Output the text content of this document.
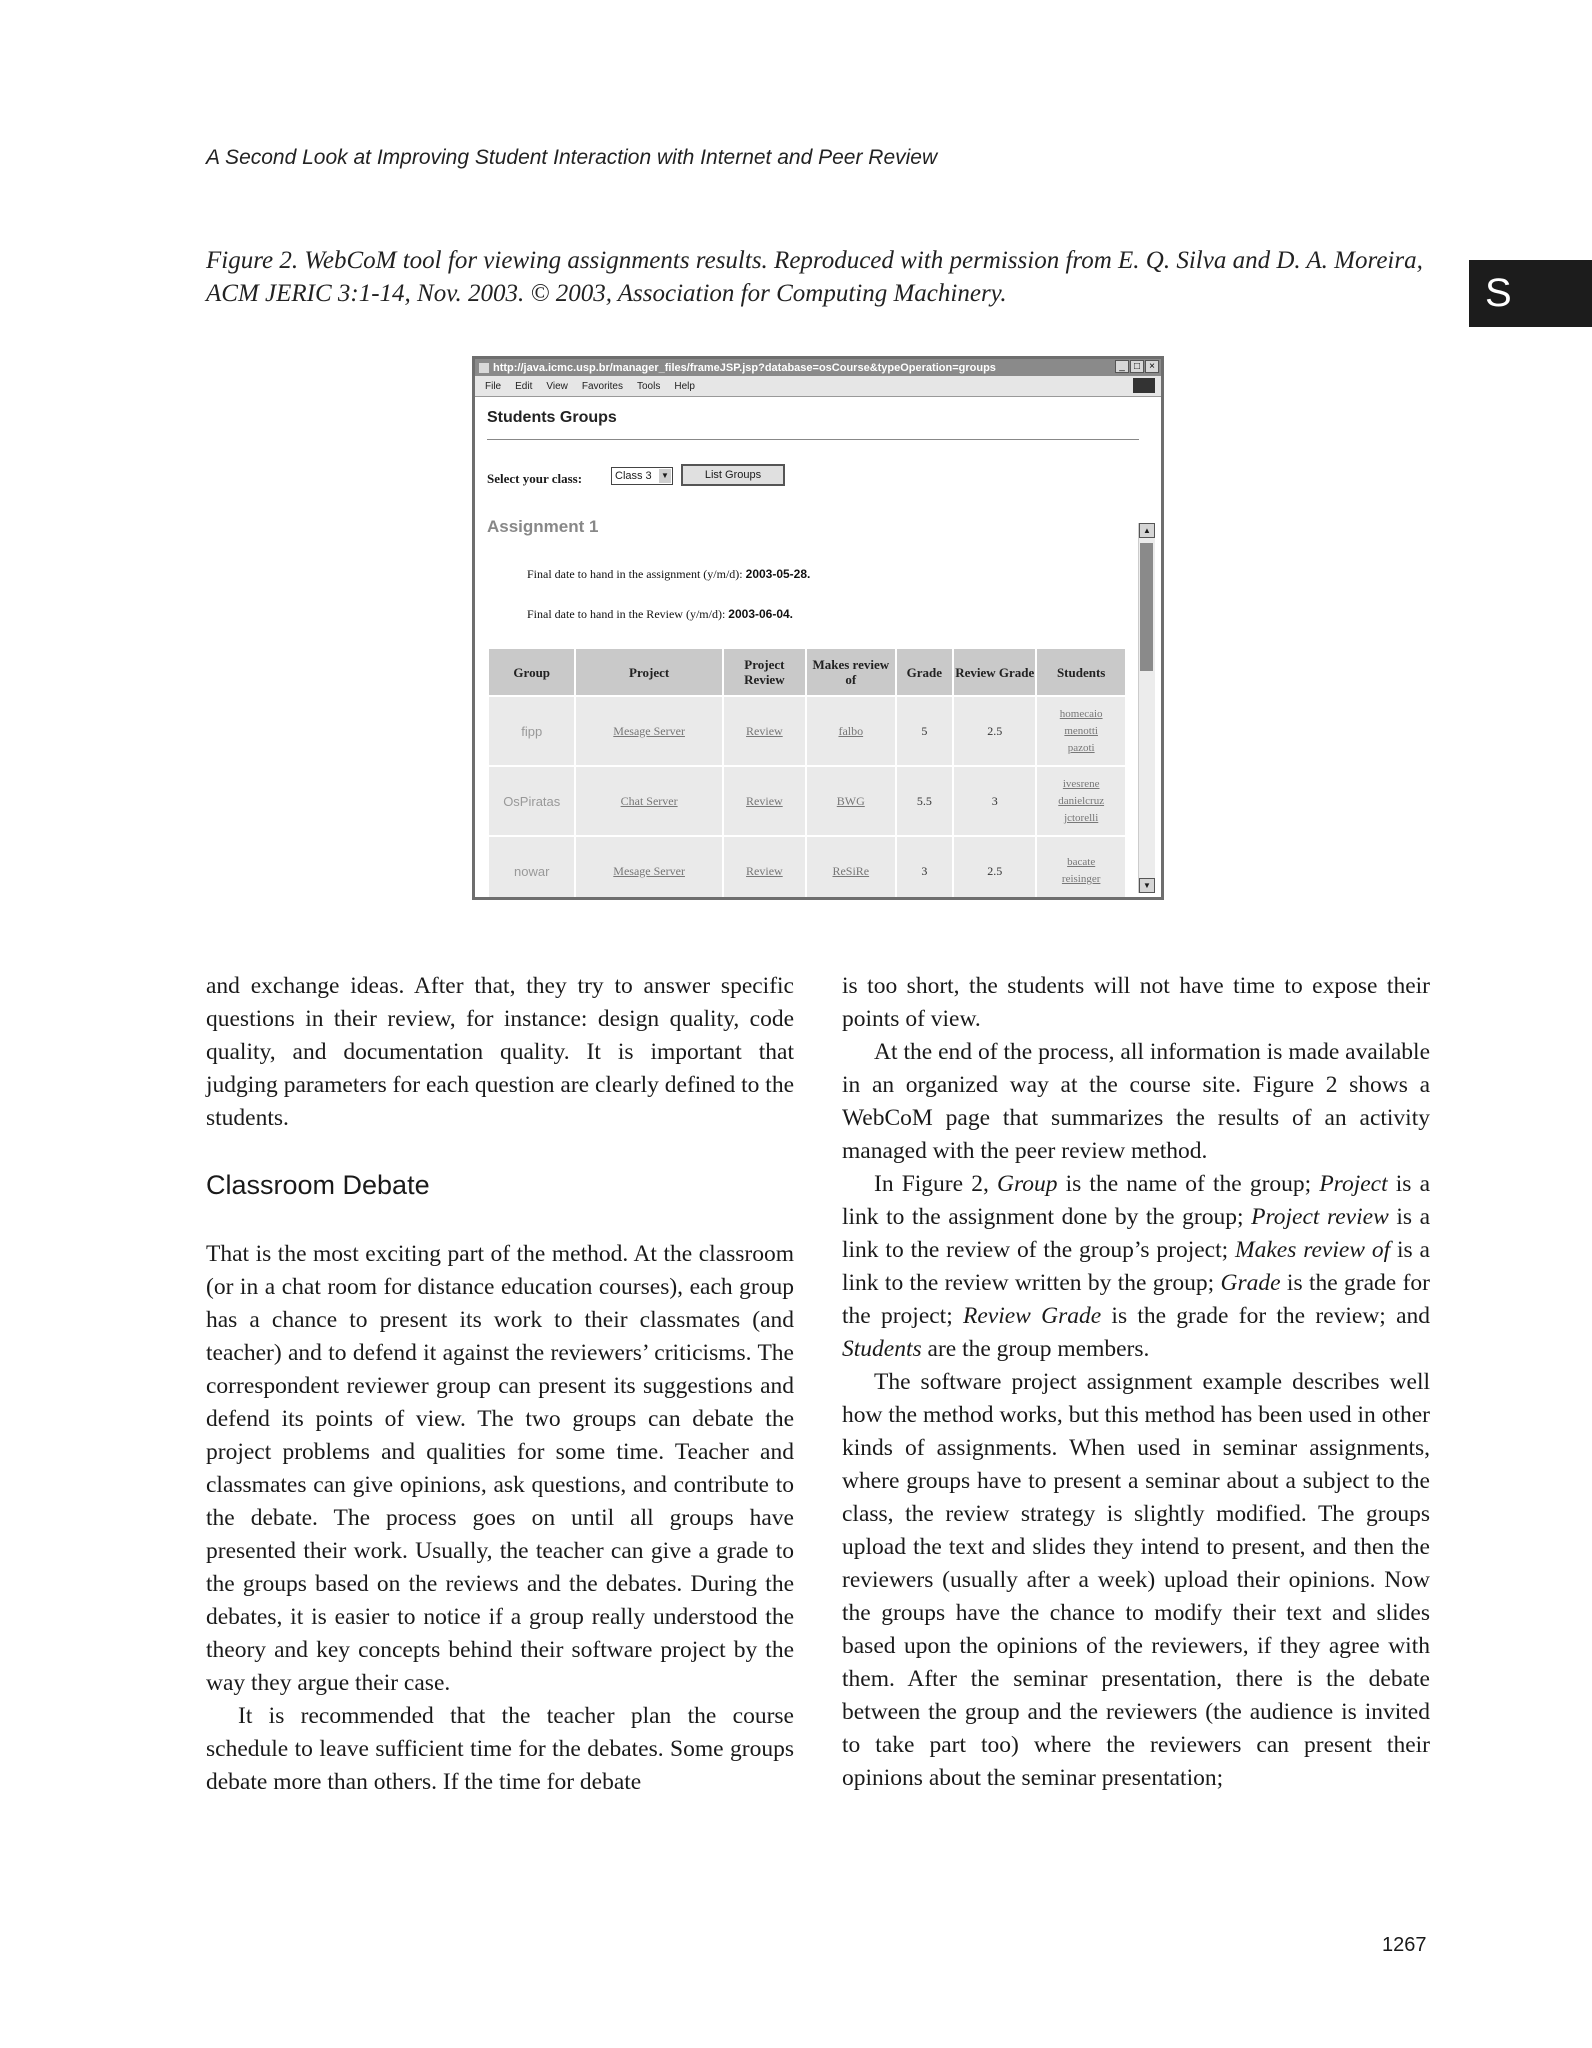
A Second Look at Improving Student Interaction with Internet and Peer Review
S
Figure 2. WebCoM tool for viewing assignments results. Reproduced with permission from E. Q. Silva and D. A. Moreira, ACM JERIC 3:1-14, Nov. 2003. © 2003, Association for Computing Machinery.
http://java.icmc.usp.br/manager_files/frameJSP.jsp?database=osCourse&typeOperation=groups	_ □ ×
File Edit View Favorites Tools Help
Students Groups
Select your class:	Class 3 ▼	List Groups
Assignment 1
Final date to hand in the assignment (y/m/d): 2003-05-28.
Final date to hand in the Review (y/m/d): 2003-06-04.
Group	Project	Project Review	Makes review of	Grade	Review Grade	Students
fipp	Mesage Server	Review	falbo	5	2.5	homecaio
menotti
pazoti
OsPiratas	Chat Server	Review	BWG	5.5	3	ivesrene
danielcruz
jctorelli
nowar	Mesage Server	Review	ReSiRe	3	2.5	bacate
reisinger
▲
▼

and exchange ideas. After that, they try to answer specific questions in their review, for instance: design quality, code quality, and documentation quality. It is important that judging parameters for each question are clearly defined to the students.

Classroom Debate

That is the most exciting part of the method. At the classroom (or in a chat room for distance education courses), each group has a chance to present its work to their classmates (and teacher) and to defend it against the reviewers’ criticisms. The correspondent reviewer group can present its suggestions and defend its points of view. The two groups can debate the project problems and qualities for some time. Teacher and classmates can give opinions, ask questions, and contribute to the debate. The process goes on until all groups have presented their work. Usually, the teacher can give a grade to the groups based on the reviews and the debates. During the debates, it is easier to notice if a group really understood the theory and key concepts behind their software project by the way they argue their case.

It is recommended that the teacher plan the course schedule to leave sufficient time for the debates. Some groups debate more than others. If the time for debate

is too short, the students will not have time to expose their points of view.

At the end of the process, all information is made available in an organized way at the course site. Figure 2 shows a WebCoM page that summarizes the results of an activity managed with the peer review method.

In Figure 2, Group is the name of the group; Project is a link to the assignment done by the group; Project review is a link to the review of the group’s project; Makes review of is a link to the review written by the group; Grade is the grade for the project; Review Grade is the grade for the review; and Students are the group members.

The software project assignment example describes well how the method works, but this method has been used in other kinds of assignments. When used in seminar assignments, where groups have to present a seminar about a subject to the class, the review strategy is slightly modified. The groups upload the text and slides they intend to present, and then the reviewers (usually after a week) upload their opinions. Now the groups have the chance to modify their text and slides based upon the opinions of the reviewers, if they agree with them. After the seminar presentation, there is the debate between the group and the reviewers (the audience is invited to take part too) where the reviewers can present their opinions about the seminar presentation;

1267
